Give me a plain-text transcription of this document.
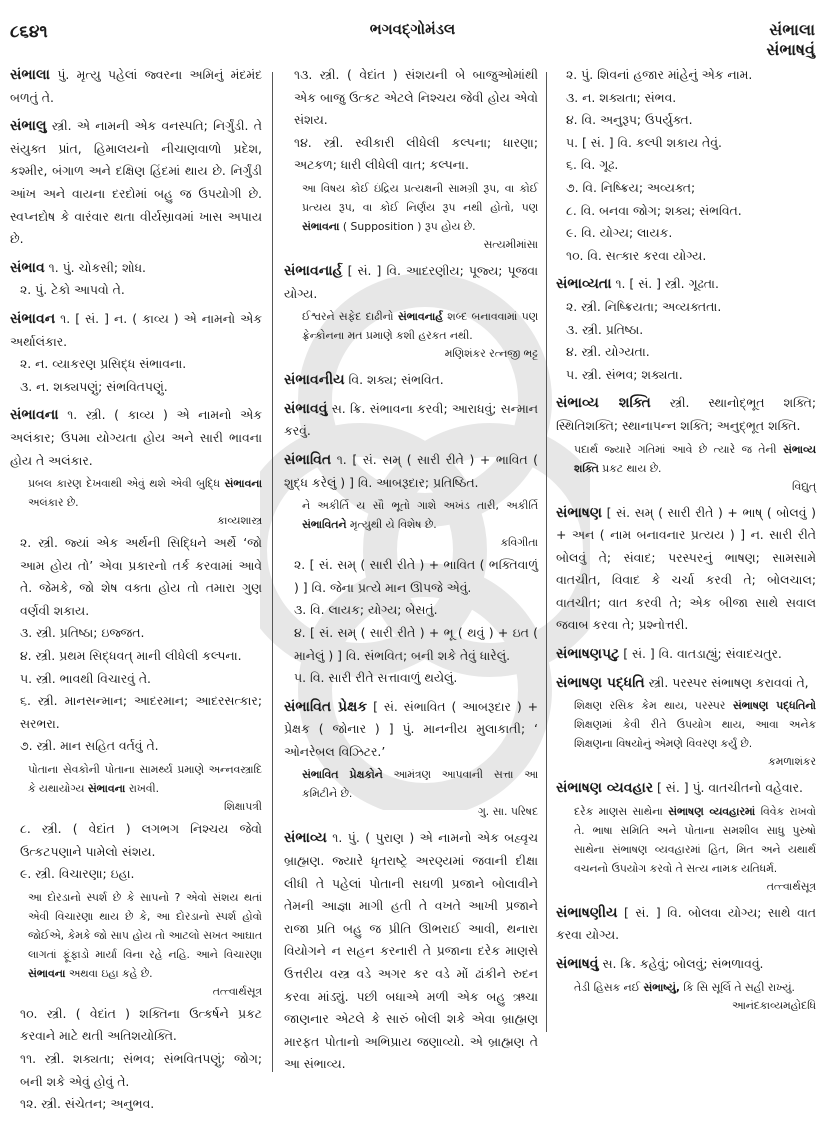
૮૬૪૧	ભગવદ્ગોમંડલ	સંભાલા
સંભાષવું
સંભાલા પું. મૃત્યુ પહેલાં જ્વરના અમિનું મંદમંદ બળતું તે.
સંભાલુ સ્ત્રી. એ નામની એક વનસ્પતિ; નિર્ગુંડી. તે સંયુક્ત પ્રાંત, હિમાલયનો નીચાણવાળો પ્રદેશ, કશ્મીર, બંગાળ અને દક્ષિણ હિંદમાં થાય છે. નિર્ગુંડી આંખ અને વાયના દરદોમાં બહુ જ ઉપયોગી છે. સ્વપ્નદોષ કે વારંવાર થતા વીર્યસ્રાવમાં ખાસ અપાય છે.
સંભાવ ૧. પું. ચોકસી; શોધ.
૨. પું. ટેકો આપવો તે.
સંભાવન ૧. [ સં. ] ન. ( કાવ્ય ) એ નામનો એક અર્થાલંકાર.
૨. ન. વ્યાકરણ પ્રસિદ્ધ સંભાવના.
૩. ન. શક્યપણું; સંભવિતપણું.
સંભાવના ૧. સ્ત્રી. ( કાવ્ય ) એ નામનો એક અલંકાર; ઉપમા યોગ્યતા હોય અને સારી ભાવના હોય તે અલંકાર.
પ્રબલ કારણ દેખવાથી એવું થશે એવી બુદ્ધિ સંભાવના અલંકાર છે.
કાવ્યશાસ્ત્ર
૨. સ્ત્રી. જ્યાં એક અર્થની સિદ્ધિને અર્થે ‘જો આમ હોય તો’ એવા પ્રકારનો તર્ક કરવામાં આવે તે. જેમકે, જો શેષ વક્તા હોય તો તમારા ગુણ વર્ણવી શકાય.
૩. સ્ત્રી. પ્રતિષ્ઠા; ઇજ્જત.
૪. સ્ત્રી. પ્રથમ સિદ્ધવત્ માની લીધેલી કલ્પના.
૫. સ્ત્રી. ભાવથી વિચારવું તે.
૬. સ્ત્રી. માનસન્માન; આદરમાન; આદરસત્કાર; સરભરા.
૭. સ્ત્રી. માન સહિત વર્તવું તે.
પોતાના સેવકોની પોતાના સામર્થ્ય પ્રમાણે અન્નવસ્ત્રાદિ કે યથાયોગ્ય સંભાવના રાખવી.
શિક્ષાપત્રી
૮. સ્ત્રી. ( વેદાંત ) લગભગ નિશ્ચય જેવો ઉત્કટપણાને પામેલો સંશય.
૯. સ્ત્રી. વિચારણા; ઇહા.
આ દોરડાનો સ્પર્શ છે કે સાપનો ? એવો સંશય થતાં એવી વિચારણા થાય છે કે, આ દોરડાનો સ્પર્શ હોવો જોઈએ, કેમકે જો સાપ હોય તો આટલો સખત આઘાત લાગતાં ફૂંફાડો માર્યા વિના રહે નહિ. આને વિચારણા સંભાવના અથવા ઇહા કહે છે.
તત્ત્વાર્થસૂત્ર
૧૦. સ્ત્રી. ( વેદાંત ) શક્તિના ઉત્કર્ષને પ્રકટ કરવાને માટે થતી અતિશયોક્તિ.
૧૧. સ્ત્રી. શક્યતા; સંભવ; સંભવિતપણું; જોગ; બની શકે એવું હોવું તે.
૧૨. સ્ત્રી. સંચેતન; અનુભવ.
૧૩. સ્ત્રી. ( વેદાંત ) સંશયની બે બાજુઓમાંથી એક બાજુ ઉત્કટ એટલે નિશ્ચય જેવી હોય એવો સંશય.
૧૪. સ્ત્રી. સ્વીકારી લીધેલી કલ્પના; ધારણા; અટકળ; ધારી લીધેલી વાત; કલ્પના.
આ વિષય કોઈ ઇંદ્રિય પ્રત્યક્ષની સામગ્રી રૂપ, વા કોઈ પ્રત્યય રૂપ, વા કોઈ નિર્ણય રૂપ નથી હોતો, પણ સંભાવના ( Supposition ) રૂપ હોય છે.
સત્યમીમાંસા
સંભાવનાર્હ [ સં. ] વિ. આદરણીય; પૂજ્ય; પૂજવા યોગ્ય.
ઈશ્વરને સફેદ દાઢીનો સંભાવનાર્હ શબ્દ બનાવવામાં પણ ફ્રેન્કોનના મત પ્રમાણે કશી હરકત નથી.
મણિશંકર રત્નજી ભટ્ટ
સંભાવનીય વિ. શક્ય; સંભવિત.
સંભાવવું સ. ક્રિ. સંભાવના કરવી; આરાધવું; સન્માન કરવું.
સંભાવિત ૧. [ સં. સમ્ ( સારી રીતે ) + ભાવિત ( શુદ્ધ કરેલું ) ] વિ. આબરૂદાર; પ્રતિષ્ઠિત.
ને અકીર્તિ ય સૌ ભૂતો ગાશે અખંડ તારી, અકીર્તિ સંભાવિતને મૃત્યુથી યે વિશેષ છે.
કવિગીતા
૨. [ સં. સમ્ ( સારી રીતે ) + ભાવિત ( ભક્તિવાળું ) ] વિ. જેના પ્રત્યે માન ઊપજે એવું.
૩. વિ. લાયક; યોગ્ય; બેસતું.
૪. [ સં. સમ્ ( સારી રીતે ) + ભૂ ( થવું ) + ઇત ( માનેલું ) ] વિ. સંભવિત; બની શકે તેવું ધારેલું.
૫. વિ. સારી રીતે સત્તાવાળું થયેલું.
સંભાવિત પ્રેક્ષક [ સં. સંભાવિત ( આબરૂદાર ) + પ્રેક્ષક ( જોનાર ) ] પું. માનનીય મુલાકાતી; ‘ ઓનરેબલ વિઝિટર.’
સંભાવિત પ્રેક્ષકોને આમંત્રણ આપવાની સત્તા આ કમિટીને છે.
ગુ. સા. પરિષદ
સંભાવ્ય ૧. પું. ( પુરાણ ) એ નામનો એક બહ્વૃચ બ્રાહ્મણ. જ્યારે ધૃતરાષ્ટ્રે અરણ્યમાં જવાની દીક્ષા લીધી તે પહેલાં પોતાની સઘળી પ્રજાને બોલાવીને તેમની આજ્ઞા માગી હતી તે વખતે આખી પ્રજાને રાજા પ્રતિ બહુ જ પ્રીતિ ઊભરાઈ આવી, થનારા વિયોગને ન સહન કરનારી તે પ્રજાના દરેક માણસે ઉત્તરીય વસ્ત્ર વડે અગર કર વડે મોં ઢાંકીને રુદન કરવા માંડ્યું. પછી બધાએ મળી એક બહુ ઋચા જાણનાર એટલે કે સારું બોલી શકે એવા બ્રાહ્મણ મારફત પોતાનો અભિપ્રાય જણાવ્યો. એ બ્રાહ્મણ તે આ સંભાવ્ય.
૨. પું. શિવનાં હજાર માંહેનું એક નામ.
૩. ન. શક્યતા; સંભવ.
૪. વિ. અનુરૂપ; ઉપર્યુક્ત.
૫. [ સં. ] વિ. કલ્પી શકાય તેવું.
૬. વિ. ગૂઢ.
૭. વિ. નિષ્ક્રિય; અવ્યક્ત;
૮. વિ. બનવા જોગ; શક્ય; સંભવિત.
૯. વિ. યોગ્ય; લાયક.
૧૦. વિ. સત્કાર કરવા યોગ્ય.
સંભાવ્યતા ૧. [ સં. ] સ્ત્રી. ગૂઢતા.
૨. સ્ત્રી. નિષ્ક્રિયતા; અવ્યક્તતા.
૩. સ્ત્રી. પ્રતિષ્ઠા.
૪. સ્ત્રી. યોગ્યતા.
૫. સ્ત્રી. સંભવ; શક્યતા.
સંભાવ્ય શક્તિ સ્ત્રી. સ્થાનોદ્ભૂત શક્તિ; સ્થિતિશક્તિ; સ્થાનાપન્ન શક્તિ; અનુદ્ભૂત શક્તિ.
પદાર્થ જ્યારે ગતિમાં આવે છે ત્યારે જ તેની સંભાવ્ય શક્તિ પ્રકટ થાય છે.
વિદ્યુત્
સંભાષણ [ સં. સમ્ ( સારી રીતે ) + ભાષ્ ( બોલવું ) + અન ( નામ બનાવનાર પ્રત્યય ) ] ન. સારી રીતે બોલવું તે; સંવાદ; પરસ્પરનું ભાષણ; સામસામે વાતચીત, વિવાદ કે ચર્ચા કરવી તે; બોલચાલ; વાતચીત; વાત કરવી તે; એક બીજા સાથે સવાલ જવાબ કરવા તે; પ્રશ્નોત્તરી.
સંભાષણપટુ [ સં. ] વિ. વાતડાહ્યું; સંવાદચતુર.
સંભાષણ પદ્ધતિ સ્ત્રી. પરસ્પર સંભાષણ કરાવવાં તે,
શિક્ષણ રસિક કેમ થાય, પરસ્પર સંભાષણ પદ્ધતિનો શિક્ષણમાં કેવી રીતે ઉપયોગ થાય, આવા અનેક શિક્ષણના વિષયોનું એમણે વિવરણ કર્યું છે.
કમળાશંકર
સંભાષણ વ્યવહાર [ સં. ] પું. વાતચીતનો વહેવાર.
દરેક માણસ સાથેના સંભાષણ વ્યવહારમાં વિવેક રાખવો તે. ભાષા સમિતિ અને પોતાના સમશીલ સાધુ પુરુષો સાથેના સંભાષણ વ્યવહારમાં હિત, મિત અને યથાર્થ વચનનો ઉપયોગ કરવો તે સત્ય નામક યતિધર્મ.
તત્ત્વાર્થસૂત્ર
સંભાષણીય [ સં. ] વિ. બોલવા યોગ્ય; સાથે વાત કરવા યોગ્ય.
સંભાષવું સ. ક્રિ. કહેવું; બોલવું; સંભળાવવું.
તેડી હિસક નઈ સંભાષ્યું, કિ સિ સૂર્લિ તે સહી રાખ્યું.
આનંદકાવ્યમહોદધિ
